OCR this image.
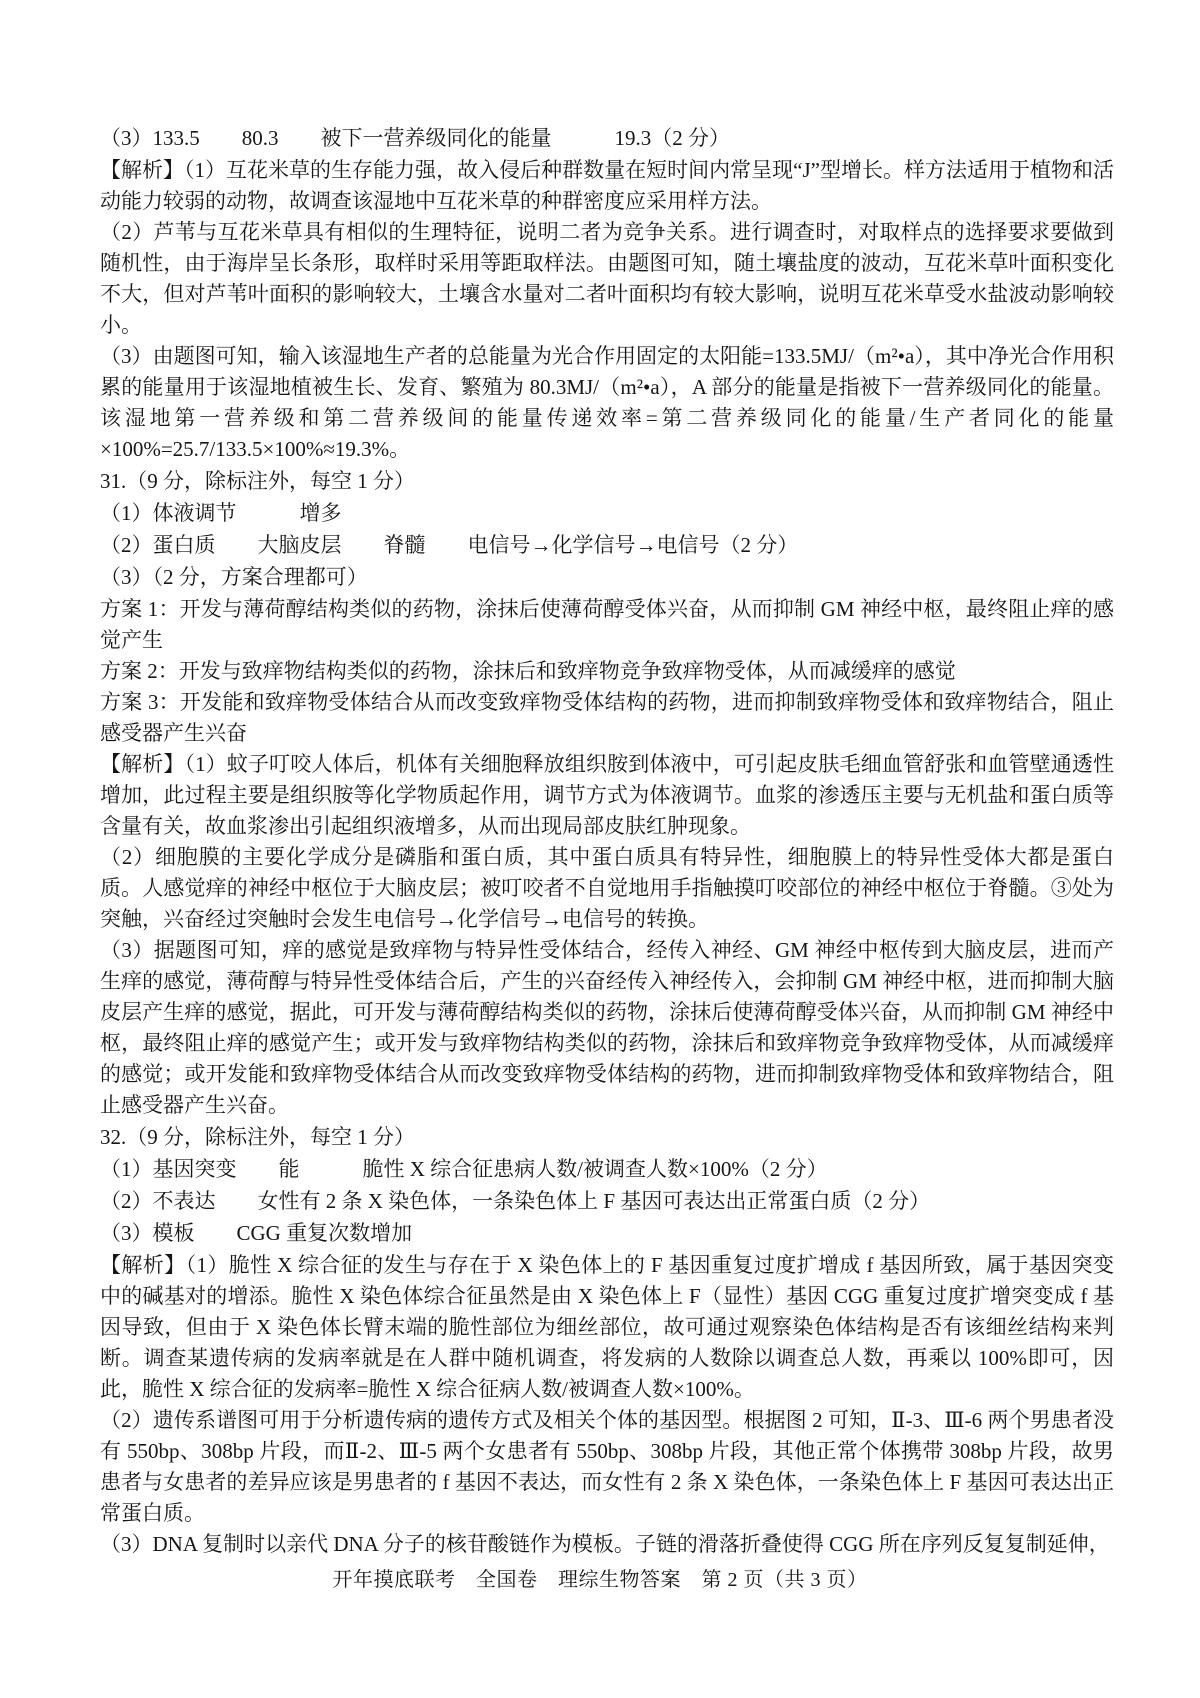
（3）133.5　　80.3　　被下一营养级同化的能量　　　19.3（2 分）

【解析】（1）互花米草的生存能力强，故入侵后种群数量在短时间内常呈现“J”型增长。样方法适用于植物和活动能力较弱的动物，故调查该湿地中互花米草的种群密度应采用样方法。

（2）芦苇与互花米草具有相似的生理特征，说明二者为竞争关系。进行调查时，对取样点的选择要求要做到随机性，由于海岸呈长条形，取样时采用等距取样法。由题图可知，随土壤盐度的波动，互花米草叶面积变化不大，但对芦苇叶面积的影响较大，土壤含水量对二者叶面积均有较大影响，说明互花米草受水盐波动影响较小。

（3）由题图可知，输入该湿地生产者的总能量为光合作用固定的太阳能=133.5MJ/（m²•a），其中净光合作用积累的能量用于该湿地植被生长、发育、繁殖为 80.3MJ/（m²•a），A 部分的能量是指被下一营养级同化的能量。该湿地第一营养级和第二营养级间的能量传递效率=第二营养级同化的能量/生产者同化的能量×100%=25.7/133.5×100%≈19.3%。

31.（9 分，除标注外，每空 1 分）

（1）体液调节　　　增多

（2）蛋白质　　大脑皮层　　脊髓　　电信号→化学信号→电信号（2 分）

（3）（2 分，方案合理都可）

方案 1：开发与薄荷醇结构类似的药物，涂抹后使薄荷醇受体兴奋，从而抑制 GM 神经中枢，最终阻止痒的感觉产生

方案 2：开发与致痒物结构类似的药物，涂抹后和致痒物竞争致痒物受体，从而减缓痒的感觉

方案 3：开发能和致痒物受体结合从而改变致痒物受体结构的药物，进而抑制致痒物受体和致痒物结合，阻止感受器产生兴奋

【解析】（1）蚊子叮咬人体后，机体有关细胞释放组织胺到体液中，可引起皮肤毛细血管舒张和血管壁通透性增加，此过程主要是组织胺等化学物质起作用，调节方式为体液调节。血浆的渗透压主要与无机盐和蛋白质等含量有关，故血浆渗出引起组织液增多，从而出现局部皮肤红肿现象。

（2）细胞膜的主要化学成分是磷脂和蛋白质，其中蛋白质具有特异性，细胞膜上的特异性受体大都是蛋白质。人感觉痒的神经中枢位于大脑皮层；被叮咬者不自觉地用手指触摸叮咬部位的神经中枢位于脊髓。③处为突触，兴奋经过突触时会发生电信号→化学信号→电信号的转换。

（3）据题图可知，痒的感觉是致痒物与特异性受体结合，经传入神经、GM 神经中枢传到大脑皮层，进而产生痒的感觉，薄荷醇与特异性受体结合后，产生的兴奋经传入神经传入，会抑制 GM 神经中枢，进而抑制大脑皮层产生痒的感觉，据此，可开发与薄荷醇结构类似的药物，涂抹后使薄荷醇受体兴奋，从而抑制 GM 神经中枢，最终阻止痒的感觉产生；或开发与致痒物结构类似的药物，涂抹后和致痒物竞争致痒物受体，从而减缓痒的感觉；或开发能和致痒物受体结合从而改变致痒物受体结构的药物，进而抑制致痒物受体和致痒物结合，阻止感受器产生兴奋。

32.（9 分，除标注外，每空 1 分）

（1）基因突变　　能　　　脆性 X 综合征患病人数/被调查人数×100%（2 分）

（2）不表达　　女性有 2 条 X 染色体，一条染色体上 F 基因可表达出正常蛋白质（2 分）

（3）模板　　CGG 重复次数增加

【解析】（1）脆性 X 综合征的发生与存在于 X 染色体上的 F 基因重复过度扩增成 f 基因所致，属于基因突变中的碱基对的增添。脆性 X 染色体综合征虽然是由 X 染色体上 F（显性）基因 CGG 重复过度扩增突变成 f 基因导致，但由于 X 染色体长臂末端的脆性部位为细丝部位，故可通过观察染色体结构是否有该细丝结构来判断。调查某遗传病的发病率就是在人群中随机调查，将发病的人数除以调查总人数，再乘以 100%即可，因此，脆性 X 综合征的发病率=脆性 X 综合征病人数/被调查人数×100%。

（2）遗传系谱图可用于分析遗传病的遗传方式及相关个体的基因型。根据图 2 可知，Ⅱ-3、Ⅲ-6 两个男患者没有 550bp、308bp 片段，而Ⅱ-2、Ⅲ-5 两个女患者有 550bp、308bp 片段，其他正常个体携带 308bp 片段，故男患者与女患者的差异应该是男患者的 f 基因不表达，而女性有 2 条 X 染色体，一条染色体上 F 基因可表达出正常蛋白质。

（3）DNA 复制时以亲代 DNA 分子的核苷酸链作为模板。子链的滑落折叠使得 CGG 所在序列反复复制延伸，

开年摸底联考　全国卷　理综生物答案　第 2 页（共 3 页）
